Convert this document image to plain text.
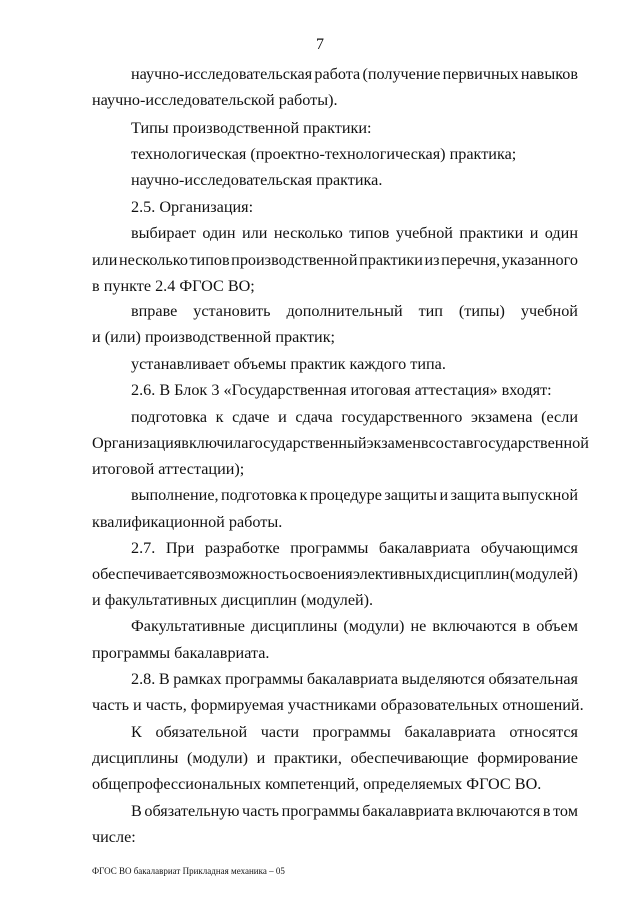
7
научно-исследовательская работа (получение первичных навыков
научно-исследовательской работы).
Типы производственной практики:
технологическая (проектно-технологическая) практика;
научно-исследовательская практика.
2.5. Организация:
выбирает один или несколько типов учебной практики и один
или несколько типов производственной практики из перечня, указанного
в пункте 2.4 ФГОС ВО;
вправе установить дополнительный тип (типы) учебной
и (или) производственной практик;
устанавливает объемы практик каждого типа.
2.6. В Блок 3 «Государственная итоговая аттестация» входят:
подготовка к сдаче и сдача государственного экзамена (если
Организация включила государственный экзамен в состав государственной
итоговой аттестации);
выполнение, подготовка к процедуре защиты и защита выпускной
квалификационной работы.
2.7. При разработке программы бакалавриата обучающимся
обеспечивается возможность освоения элективных дисциплин (модулей)
и факультативных дисциплин (модулей).
Факультативные дисциплины (модули) не включаются в объем
программы бакалавриата.
2.8. В рамках программы бакалавриата выделяются обязательная
часть и часть, формируемая участниками образовательных отношений.
К обязательной части программы бакалавриата относятся
дисциплины (модули) и практики, обеспечивающие формирование
общепрофессиональных компетенций, определяемых ФГОС ВО.
В обязательную часть программы бакалавриата включаются в том
числе:
ФГОС ВО бакалавриат Прикладная механика – 05
